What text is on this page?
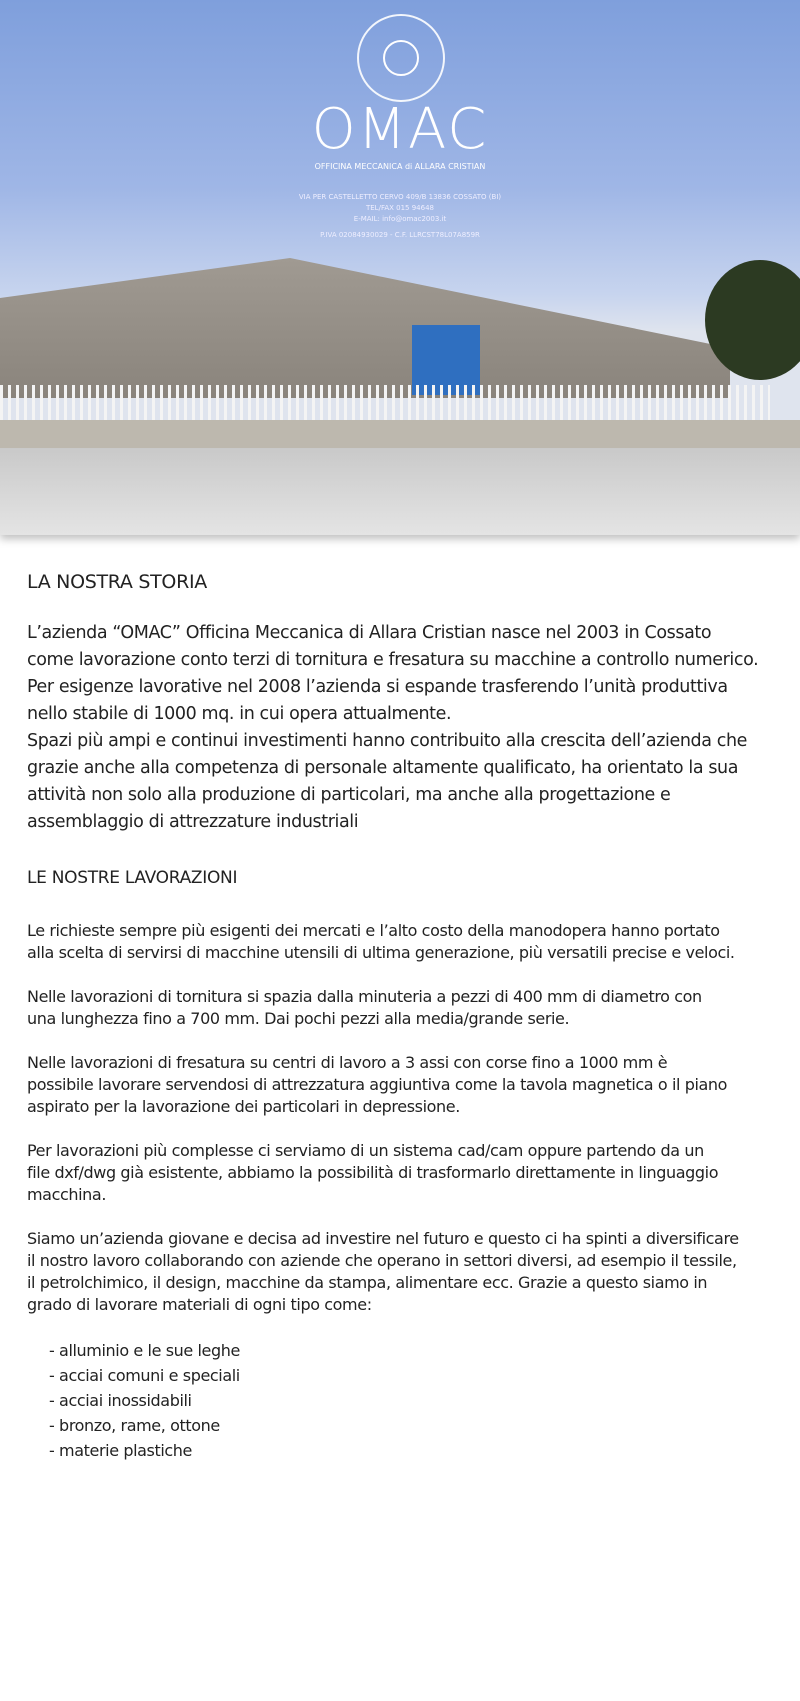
OMAC
OFFICINA MECCANICA di ALLARA CRISTIAN
VIA PER CASTELLETTO CERVO 409/B 13836 COSSATO (BI)
TEL/FAX 015 94648
E-MAIL: info@omac2003.it
P.IVA 02084930029 - C.F. LLRCST78L07A859R
LA NOSTRA STORIA

L’azienda “OMAC” Officina Meccanica di Allara Cristian nasce nel 2003 in Cossato
come lavorazione conto terzi di tornitura e fresatura su macchine a controllo numerico.
Per esigenze lavorative nel 2008 l’azienda si espande trasferendo l’unità produttiva
nello stabile di 1000 mq. in cui opera attualmente.
Spazi più ampi e continui investimenti hanno contribuito alla crescita dell’azienda che
grazie anche alla competenza di personale altamente qualificato, ha orientato la sua
attività non solo alla produzione di particolari, ma anche alla progettazione e
assemblaggio di attrezzature industriali

LE NOSTRE LAVORAZIONI

Le richieste sempre più esigenti dei mercati e l’alto costo della manodopera hanno portato
alla scelta di servirsi di macchine utensili di ultima generazione, più versatili precise e veloci.

Nelle lavorazioni di tornitura si spazia dalla minuteria a pezzi di 400 mm di diametro con
una lunghezza fino a 700 mm. Dai pochi pezzi alla media/grande serie.

Nelle lavorazioni di fresatura su centri di lavoro a 3 assi con corse fino a 1000 mm è
possibile lavorare servendosi di attrezzatura aggiuntiva come la tavola magnetica o il piano
aspirato per la lavorazione dei particolari in depressione.

Per lavorazioni più complesse ci serviamo di un sistema cad/cam oppure partendo da un
file dxf/dwg già esistente, abbiamo la possibilità di trasformarlo direttamente in linguaggio
macchina.

Siamo un’azienda giovane e decisa ad investire nel futuro e questo ci ha spinti a diversificare
il nostro lavoro collaborando con aziende che operano in settori diversi, ad esempio il tessile,
il petrolchimico, il design, macchine da stampa, alimentare ecc. Grazie a questo siamo in
grado di lavorare materiali di ogni tipo come:

- alluminio e le sue leghe
- acciai comuni e speciali
- acciai inossidabili
- bronzo, rame, ottone
- materie plastiche
